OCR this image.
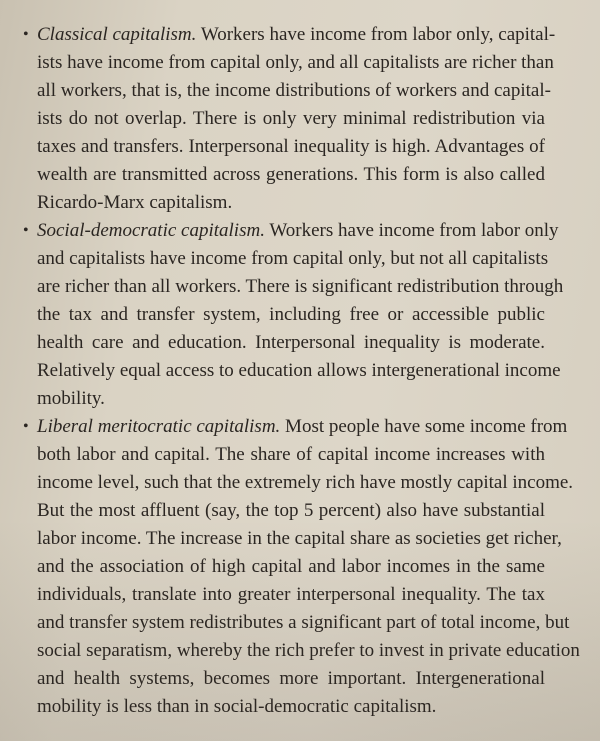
• Classical capitalism. Workers have income from labor only, capital-
ists have income from capital only, and all capitalists are richer than
all workers, that is, the income distributions of workers and capital-
ists do not overlap. There is only very minimal redistribution via
taxes and transfers. Interpersonal inequality is high. Advantages of
wealth are transmitted across generations. This form is also called
Ricardo-Marx capitalism.
• Social-democratic capitalism. Workers have income from labor only
and capitalists have income from capital only, but not all capitalists
are richer than all workers. There is significant redistribution through
the tax and transfer system, including free or accessible public
health care and education. Interpersonal inequality is moderate.
Relatively equal access to education allows intergenerational income
mobility.
• Liberal meritocratic capitalism. Most people have some income from
both labor and capital. The share of capital income increases with
income level, such that the extremely rich have mostly capital income.
But the most affluent (say, the top 5 percent) also have substantial
labor income. The increase in the capital share as societies get richer,
and the association of high capital and labor incomes in the same
individuals, translate into greater interpersonal inequality. The tax
and transfer system redistributes a significant part of total income, but
social separatism, whereby the rich prefer to invest in private education
and health systems, becomes more important. Intergenerational
mobility is less than in social-democratic capitalism.
